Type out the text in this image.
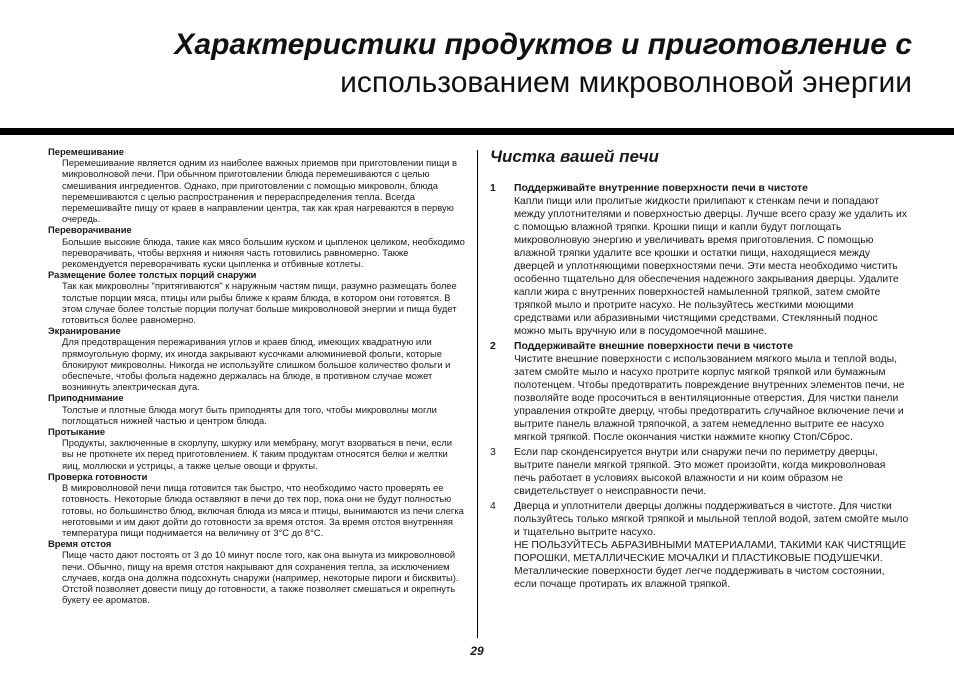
Характеристики продуктов и приготовление с
использованием микроволновой энергии

Перемешивание

Перемешивание является одним из наиболее важных приемов при приготовлении пищи в микроволновой печи. При обычном приготовлении блюда перемешиваются с целью смешивания ингредиентов. Однако, при приготовлении с помощью микроволн, блюда перемешиваются с целью распространения и перераспределения тепла. Всегда перемешивайте пищу от краев в направлении центра, так как края нагреваются в первую очередь.

Переворачивание

Большие высокие блюда, такие как мясо большим куском и цыпленок целиком, необходимо переворачивать, чтобы верхняя и нижняя часть готовились равномерно. Также рекомендуется переворачивать куски цыпленка и отбивные котлеты.

Размещение более толстых порций снаружи

Так как микроволны "притягиваются" к наружным частям пищи, разумно размещать более толстые порции мяса, птицы или рыбы ближе к краям блюда, в котором они готовятся. В этом случае более толстые порции получат больше микроволновой энергии и пища будет готовиться более равномерно.

Экранирование

Для предотвращения пережаривания углов и краев блюд, имеющих квадратную или прямоугольную форму, их иногда закрывают кусочками алюминиевой фольги, которые блокируют микроволны. Никогда не используйте слишком большое количество фольги и обеспечьте, чтобы фольга надежно держалась на блюде, в противном случае может возникнуть электрическая дуга.

Приподнимание

Толстые и плотные блюда могут быть приподняты для того, чтобы микроволны могли поглощаться нижней частью и центром блюда.

Протыкание

Продукты, заключенные в скорлупу, шкурку или мембрану, могут взорваться в печи, если вы не проткнете их перед приготовлением. К таким продуктам относятся белки и желтки яиц, моллюски и устрицы, а также целые овощи и фрукты.

Проверка готовности

В микроволновой печи пища готовится так быстро, что необходимо часто проверять ее готовность. Некоторые блюда оставляют в печи до тех пор, пока они не будут полностью готовы, но большинство блюд, включая блюда из мяса и птицы, вынимаются из печи слегка неготовыми и им дают дойти до готовности за время отстоя. За время отстоя внутренняя температура пищи поднимается на величину от 3°C до 8°C.

Время отстоя

Пище часто дают постоять от 3 до 10 минут после того, как она вынута из микроволновой печи. Обычно, пищу на время отстоя накрывают для сохранения тепла, за исключением случаев, когда она должна подсохнуть снаружи (например, некоторые пироги и бисквиты). Отстой позволяет довести пищу до готовности, а также позволяет смешаться и окрепнуть букету ее ароматов.

Чистка вашей печи
1 Поддерживайте внутренние поверхности печи в чистоте

Капли пищи или пролитые жидкости прилипают к стенкам печи и попадают между уплотнителями и поверхностью дверцы. Лучше всего сразу же удалить их с помощью влажной тряпки. Крошки пищи и капли будут поглощать микроволновую энергию и увеличивать время приготовления. С помощью влажной тряпки удалите все крошки и остатки пищи, находящиеся между дверцей и уплотняющими поверхностями печи. Эти места необходимо чистить особенно тщательно для обеспечения надежного закрывания дверцы. Удалите капли жира с внутренних поверхностей намыленной тряпкой, затем смойте тряпкой мыло и протрите насухо. Не пользуйтесь жесткими моющими средствами или абразивными чистящими средствами. Стеклянный поднос можно мыть вручную или в посудомоечной машине.

2 Поддерживайте внешние поверхности печи в чистоте

Чистите внешние поверхности с использованием мягкого мыла и теплой воды, затем смойте мыло и насухо протрите корпус мягкой тряпкой или бумажным полотенцем. Чтобы предотвратить повреждение внутренних элементов печи, не позволяйте воде просочиться в вентиляционные отверстия. Для чистки панели управления откройте дверцу, чтобы предотвратить случайное включение печи и вытрите панель влажной тряпочкой, а затем немедленно вытрите ее насухо мягкой тряпкой. После окончания чистки нажмите кнопку Стоп/Сброс.

3 Если пар сконденсируется внутри или снаружи печи по периметру дверцы, вытрите панели мягкой тряпкой. Это может произойти, когда микроволновая печь работает в условиях высокой влажности и ни коим образом не свидетельствует о неисправности печи.

4 Дверца и уплотнители дверцы должны поддерживаться в чистоте. Для чистки пользуйтесь только мягкой тряпкой и мыльной теплой водой, затем смойте мыло и тщательно вытрите насухо.

НЕ ПОЛЬЗУЙТЕСЬ АБРАЗИВНЫМИ МАТЕРИАЛАМИ, ТАКИМИ КАК ЧИСТЯЩИЕ ПОРОШКИ, МЕТАЛЛИЧЕСКИЕ МОЧАЛКИ И ПЛАСТИКОВЫЕ ПОДУШЕЧКИ. Металлические поверхности будет легче поддерживать в чистом состоянии, если почаще протирать их влажной тряпкой.

29
